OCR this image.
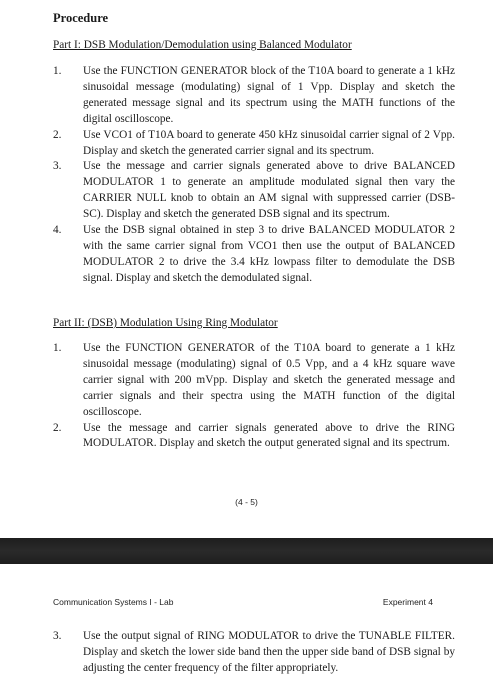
Procedure
Part I: DSB Modulation/Demodulation using Balanced Modulator
1. Use the FUNCTION GENERATOR block of the T10A board to generate a 1 kHz sinusoidal message (modulating) signal of 1 Vpp. Display and sketch the generated message signal and its spectrum using the MATH functions of the digital oscilloscope.
2. Use VCO1 of T10A board to generate 450 kHz sinusoidal carrier signal of 2 Vpp. Display and sketch the generated carrier signal and its spectrum.
3. Use the message and carrier signals generated above to drive BALANCED MODULATOR 1 to generate an amplitude modulated signal then vary the CARRIER NULL knob to obtain an AM signal with suppressed carrier (DSB-SC). Display and sketch the generated DSB signal and its spectrum.
4. Use the DSB signal obtained in step 3 to drive BALANCED MODULATOR 2 with the same carrier signal from VCO1 then use the output of BALANCED MODULATOR 2 to drive the 3.4 kHz lowpass filter to demodulate the DSB signal. Display and sketch the demodulated signal.
Part II: (DSB) Modulation Using Ring Modulator
1. Use the FUNCTION GENERATOR of the T10A board to generate a 1 kHz sinusoidal message (modulating) signal of 0.5 Vpp, and a 4 kHz square wave carrier signal with 200 mVpp. Display and sketch the generated message and carrier signals and their spectra using the MATH function of the digital oscilloscope.
2. Use the message and carrier signals generated above to drive the RING MODULATOR. Display and sketch the output generated signal and its spectrum.
(4 - 5)
Communication Systems I - Lab	Experiment 4
3. Use the output signal of RING MODULATOR to drive the TUNABLE FILTER. Display and sketch the lower side band then the upper side band of DSB signal by adjusting the center frequency of the filter appropriately.
